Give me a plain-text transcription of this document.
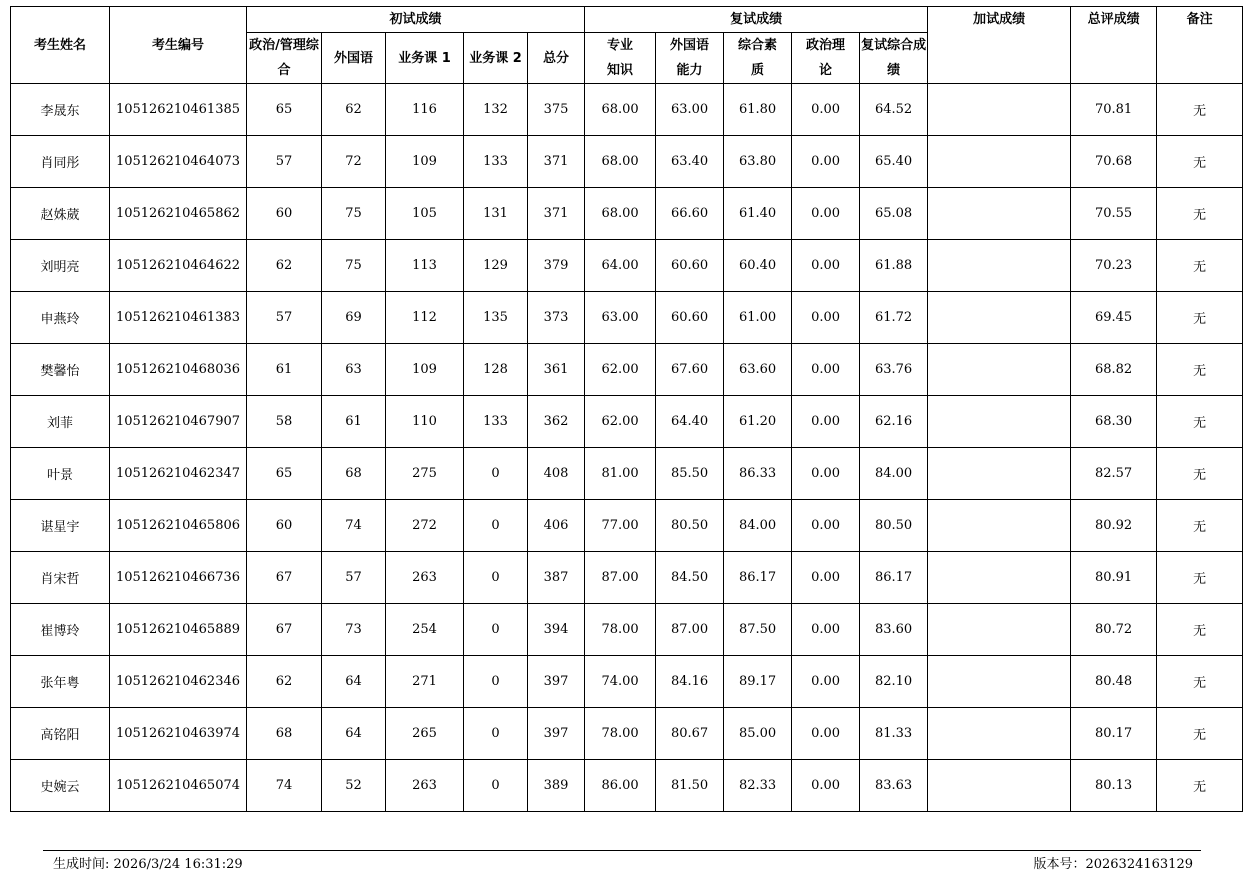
考生姓名	考生编号	初试成绩					复试成绩					加试成绩	总评成绩	备注
		政治/管理综合	外国语	业务课 1	业务课 2	总分	专业知识	外国语能力	综合素质	政治理论	复试综合成绩			
李晟东	105126210461385	65	62	116	132	375	68.00	63.00	61.80	0.00	64.52		70.81	无
肖同彤	105126210464073	57	72	109	133	371	68.00	63.40	63.80	0.00	65.40		70.68	无
赵姝葳	105126210465862	60	75	105	131	371	68.00	66.60	61.40	0.00	65.08		70.55	无
刘明亮	105126210464622	62	75	113	129	379	64.00	60.60	60.40	0.00	61.88		70.23	无
申燕玲	105126210461383	57	69	112	135	373	63.00	60.60	61.00	0.00	61.72		69.45	无
樊馨怡	105126210468036	61	63	109	128	361	62.00	67.60	63.60	0.00	63.76		68.82	无
刘菲	105126210467907	58	61	110	133	362	62.00	64.40	61.20	0.00	62.16		68.30	无
叶景	105126210462347	65	68	275	0	408	81.00	85.50	86.33	0.00	84.00		82.57	无
谌星宇	105126210465806	60	74	272	0	406	77.00	80.50	84.00	0.00	80.50		80.92	无
肖宋哲	105126210466736	67	57	263	0	387	87.00	84.50	86.17	0.00	86.17		80.91	无
崔博玲	105126210465889	67	73	254	0	394	78.00	87.00	87.50	0.00	83.60		80.72	无
张年粤	105126210462346	62	64	271	0	397	74.00	84.16	89.17	0.00	82.10		80.48	无
高铭阳	105126210463974	68	64	265	0	397	78.00	80.67	85.00	0.00	81.33		80.17	无
史婉云	105126210465074	74	52	263	0	389	86.00	81.50	82.33	0.00	83.63		80.13	无
生成时间: 2026/3/24 16:31:29	版本号：2026324163129
